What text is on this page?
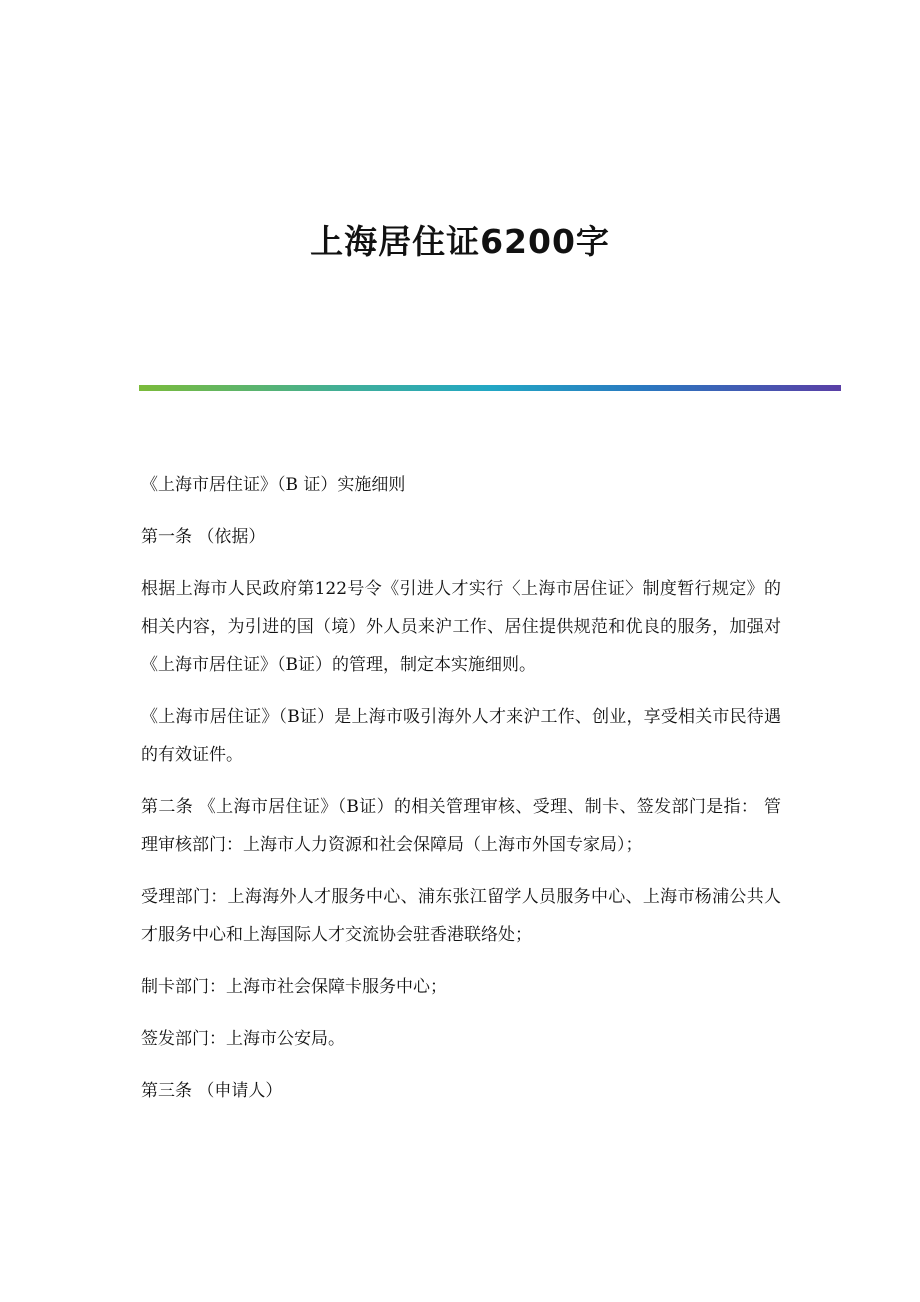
上海居住证6200字

《上海市居住证》（B 证）实施细则

第一条 （依据）

根据上海市人民政府第122号令《引进人才实行〈上海市居住证〉制度暂行规定》的相关内容，为引进的国（境）外人员来沪工作、居住提供规范和优良的服务，加强对《上海市居住证》（B证）的管理，制定本实施细则。

《上海市居住证》（B证）是上海市吸引海外人才来沪工作、创业，享受相关市民待遇的有效证件。

第二条 《上海市居住证》（B证）的相关管理审核、受理、制卡、签发部门是指： 管理审核部门：上海市人力资源和社会保障局（上海市外国专家局）；

受理部门：上海海外人才服务中心、浦东张江留学人员服务中心、上海市杨浦公共人才服务中心和上海国际人才交流协会驻香港联络处；

制卡部门：上海市社会保障卡服务中心；

签发部门：上海市公安局。

第三条 （申请人）
